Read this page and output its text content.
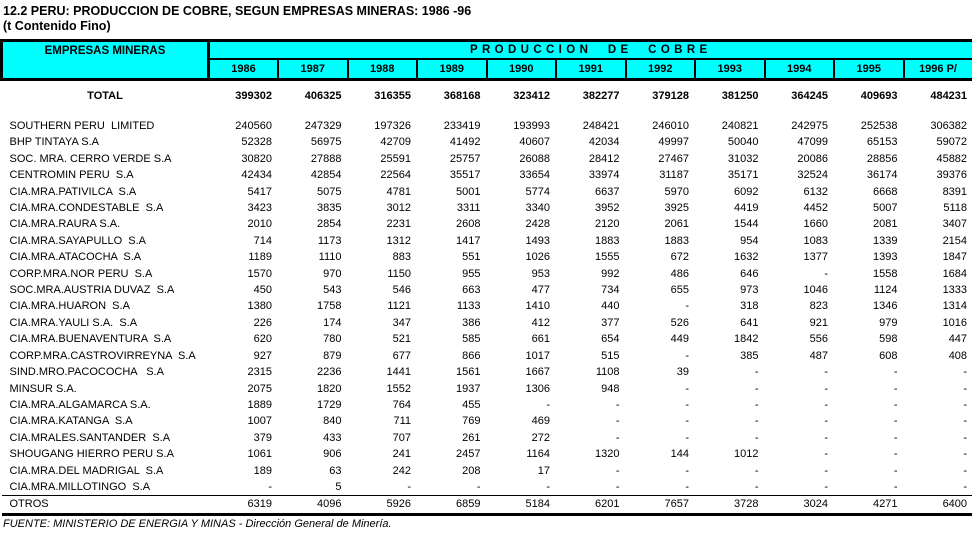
12.2 PERU: PRODUCCION DE COBRE, SEGUN EMPRESAS MINERAS: 1986 -96
(t Contenido Fino)
EMPRESAS MINERAS	PRODUCCION DE COBRE										
	1986	1987	1988	1989	1990	1991	1992	1993	1994	1995	1996 P/

TOTAL	399302	406325	316355	368168	323412	382277	379128	381250	364245	409693	484231

SOUTHERN PERU  LIMITED	240560	247329	197326	233419	193993	248421	246010	240821	242975	252538	306382
BHP TINTAYA S.A	52328	56975	42709	41492	40607	42034	49997	50040	47099	65153	59072
SOC. MRA. CERRO VERDE S.A	30820	27888	25591	25757	26088	28412	27467	31032	20086	28856	45882
CENTROMIN PERU  S.A	42434	42854	22564	35517	33654	33974	31187	35171	32524	36174	39376
CIA.MRA.PATIVILCA  S.A	5417	5075	4781	5001	5774	6637	5970	6092	6132	6668	8391
CIA.MRA.CONDESTABLE  S.A	3423	3835	3012	3311	3340	3952	3925	4419	4452	5007	5118
CIA.MRA.RAURA S.A.	2010	2854	2231	2608	2428	2120	2061	1544	1660	2081	3407
CIA.MRA.SAYAPULLO  S.A	714	1173	1312	1417	1493	1883	1883	954	1083	1339	2154
CIA.MRA.ATACOCHA  S.A	1189	1110	883	551	1026	1555	672	1632	1377	1393	1847
CORP.MRA.NOR PERU  S.A	1570	970	1150	955	953	992	486	646	-	1558	1684
SOC.MRA.AUSTRIA DUVAZ  S.A	450	543	546	663	477	734	655	973	1046	1124	1333
CIA.MRA.HUARON  S.A	1380	1758	1121	1133	1410	440	-	318	823	1346	1314
CIA.MRA.YAULI S.A.  S.A	226	174	347	386	412	377	526	641	921	979	1016
CIA.MRA.BUENAVENTURA  S.A	620	780	521	585	661	654	449	1842	556	598	447
CORP.MRA.CASTROVIRREYNA  S.A	927	879	677	866	1017	515	-	385	487	608	408
SIND.MRO.PACOCOCHA   S.A	2315	2236	1441	1561	1667	1108	39	-	-	-	-
MINSUR S.A.	2075	1820	1552	1937	1306	948	-	-	-	-	-
CIA.MRA.ALGAMARCA S.A.	1889	1729	764	455	-	-	-	-	-	-	-
CIA.MRA.KATANGA  S.A	1007	840	711	769	469	-	-	-	-	-	-
CIA.MRALES.SANTANDER  S.A	379	433	707	261	272	-	-	-	-	-	-
SHOUGANG HIERRO PERU S.A	1061	906	241	2457	1164	1320	144	1012	-	-	-
CIA.MRA.DEL MADRIGAL  S.A	189	63	242	208	17	-	-	-	-	-	-
CIA.MRA.MILLOTINGO  S.A	-	5	-	-	-	-	-	-	-	-	-
OTROS	6319	4096	5926	6859	5184	6201	7657	3728	3024	4271	6400
FUENTE: MINISTERIO DE ENERGIA Y MINAS - Dirección General de Minería.
